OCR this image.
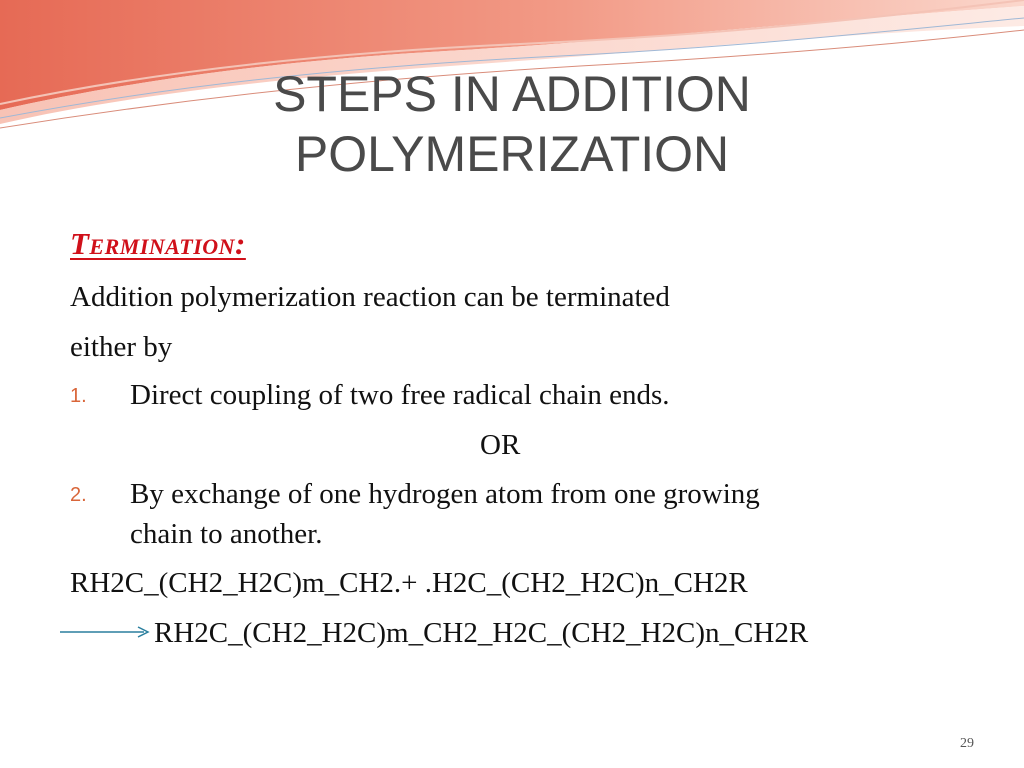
STEPS IN ADDITION
POLYMERIZATION
Termination:
Addition polymerization reaction can be terminated
either by
1. Direct coupling of two free radical chain ends.
OR
2. By exchange of one hydrogen atom from one growing
chain to another.
RH2C_(CH2_H2C)m_CH2.+ .H2C_(CH2_H2C)n_CH2R
RH2C_(CH2_H2C)m_CH2_H2C_(CH2_H2C)n_CH2R
29
